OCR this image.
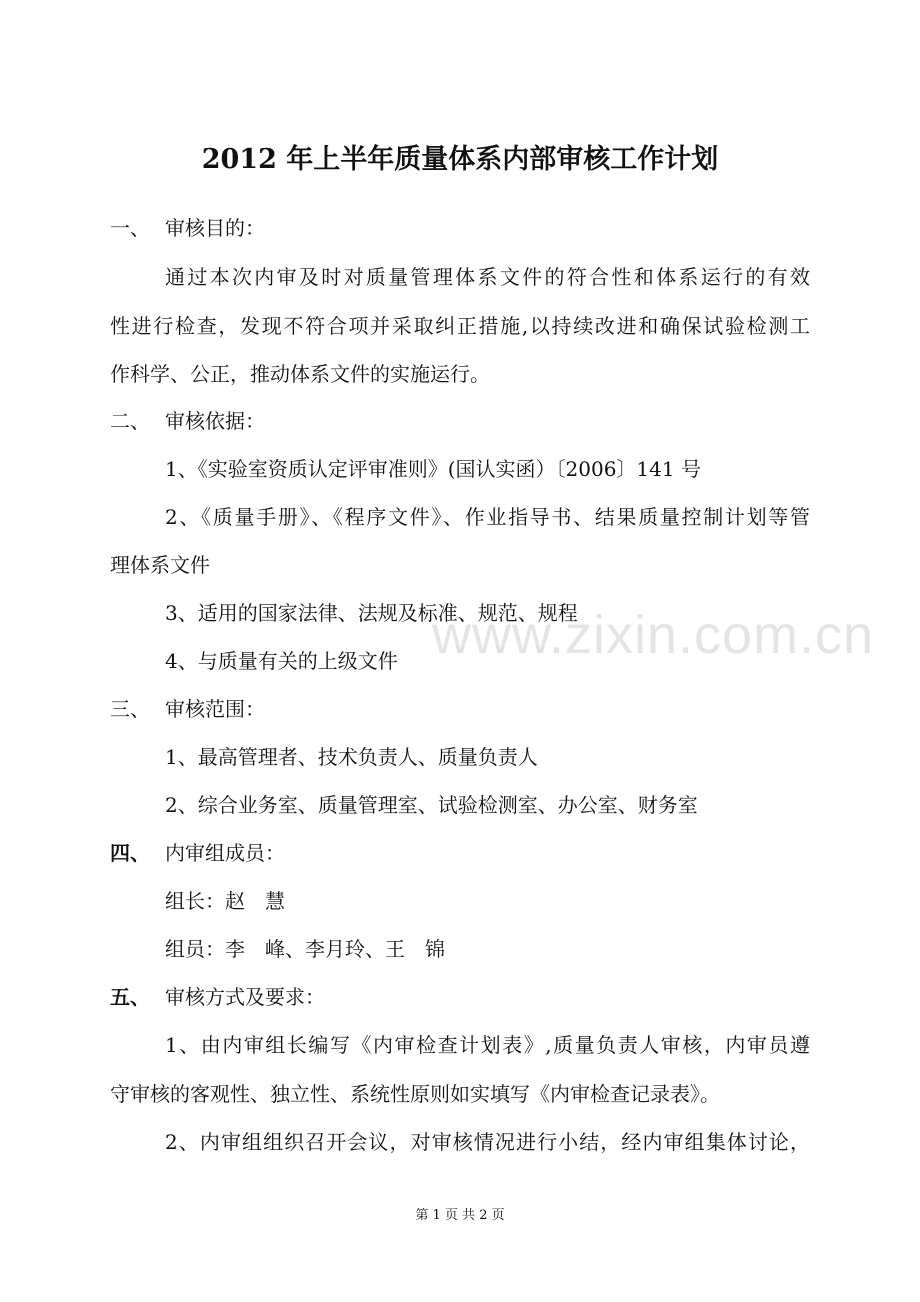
www.zixin.com.cn
2012 年上半年质量体系内部审核工作计划
一、 审核目的：
通过本次内审及时对质量管理体系文件的符合性和体系运行的有效
性进行检查，发现不符合项并采取纠正措施,以持续改进和确保试验检测工
作科学、公正，推动体系文件的实施运行。
二、 审核依据：
1、《实验室资质认定评审准则》(国认实函）〔2006〕141 号
2、《质量手册》、《程序文件》、作业指导书、结果质量控制计划等管
理体系文件
3、适用的国家法律、法规及标准、规范、规程
4、与质量有关的上级文件
三、 审核范围：
1、最高管理者、技术负责人、质量负责人
2、综合业务室、质量管理室、试验检测室、办公室、财务室
四、 内审组成员：
组长：赵　慧
组员：李　峰、李月玲、王　锦
五、 审核方式及要求：
1、由内审组长编写《内审检查计划表》,质量负责人审核，内审员遵
守审核的客观性、独立性、系统性原则如实填写《内审检查记录表》。
2、内审组组织召开会议，对审核情况进行小结，经内审组集体讨论，
第 1 页 共 2 页
